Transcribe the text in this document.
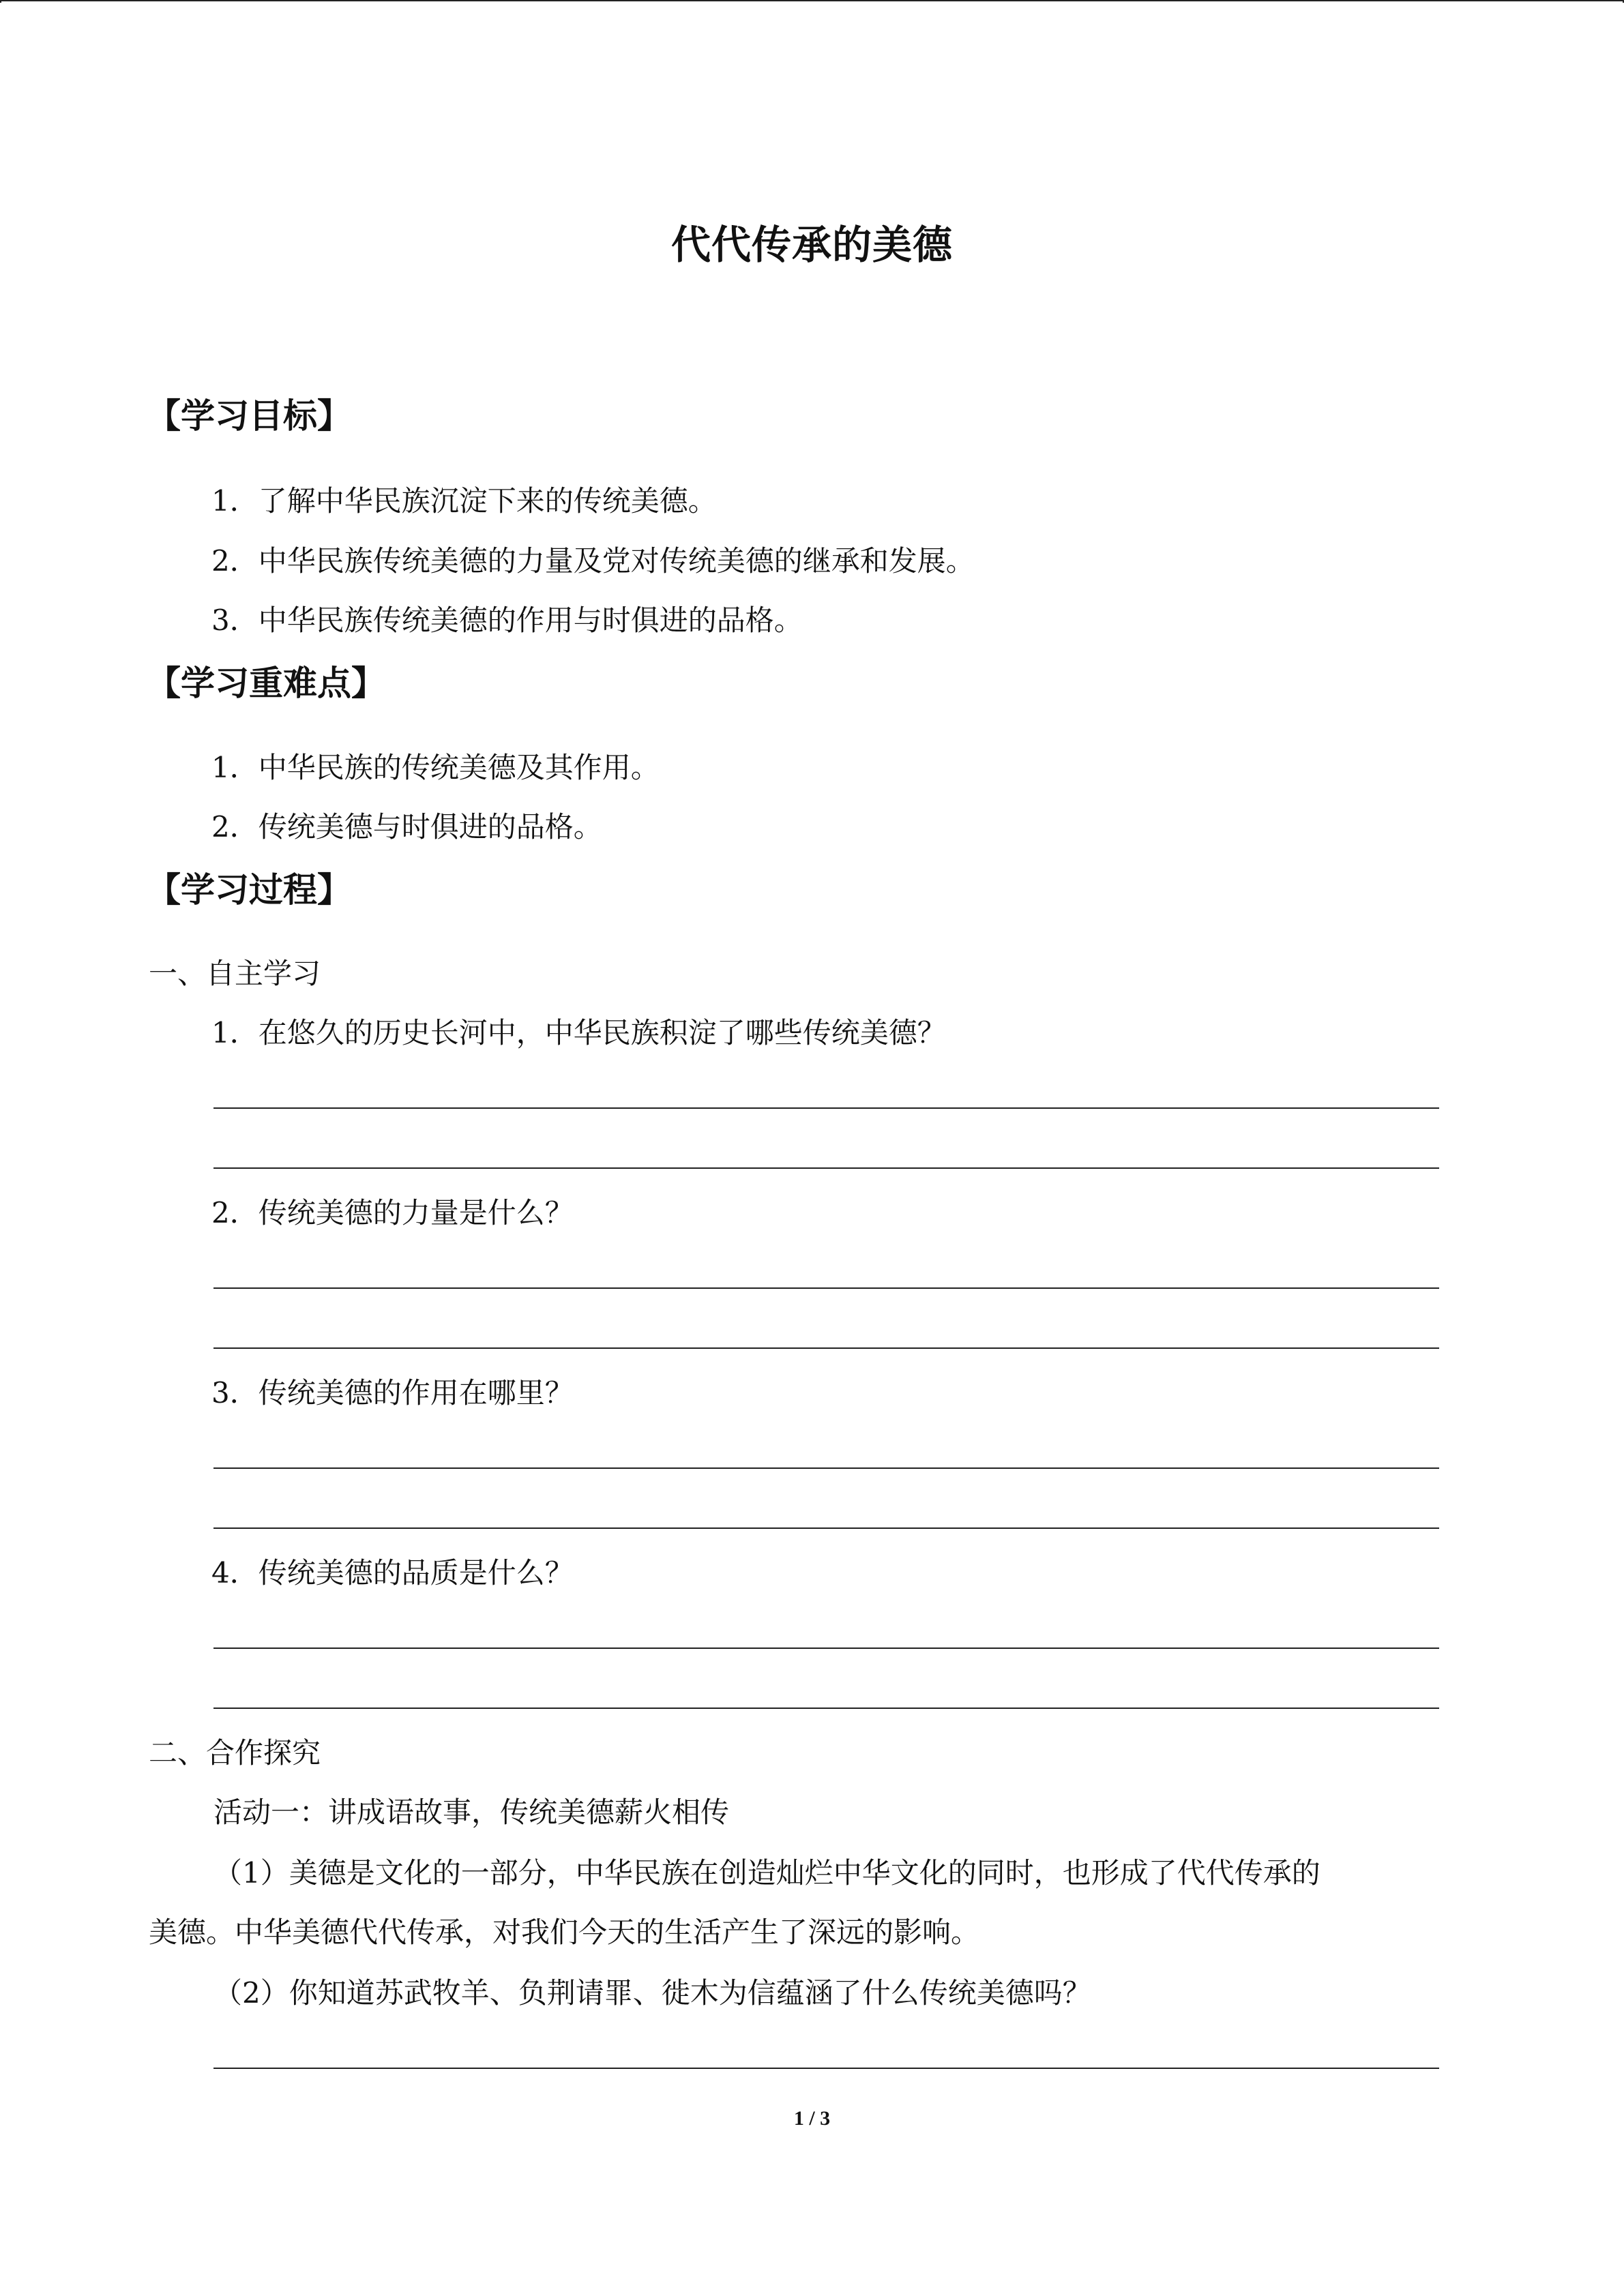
代代传承的美德
【学习目标】
1．了解中华民族沉淀下来的传统美德。
2．中华民族传统美德的力量及党对传统美德的继承和发展。
3．中华民族传统美德的作用与时俱进的品格。
【学习重难点】
1．中华民族的传统美德及其作用。
2．传统美德与时俱进的品格。
【学习过程】
一、自主学习
1．在悠久的历史长河中，中华民族积淀了哪些传统美德？
2．传统美德的力量是什么？
3．传统美德的作用在哪里？
4．传统美德的品质是什么？
二、合作探究
活动一：讲成语故事，传统美德薪火相传
（1）美德是文化的一部分，中华民族在创造灿烂中华文化的同时，也形成了代代传承的
美德。中华美德代代传承，对我们今天的生活产生了深远的影响。
（2）你知道苏武牧羊、负荆请罪、徙木为信蕴涵了什么传统美德吗？
1 / 3
